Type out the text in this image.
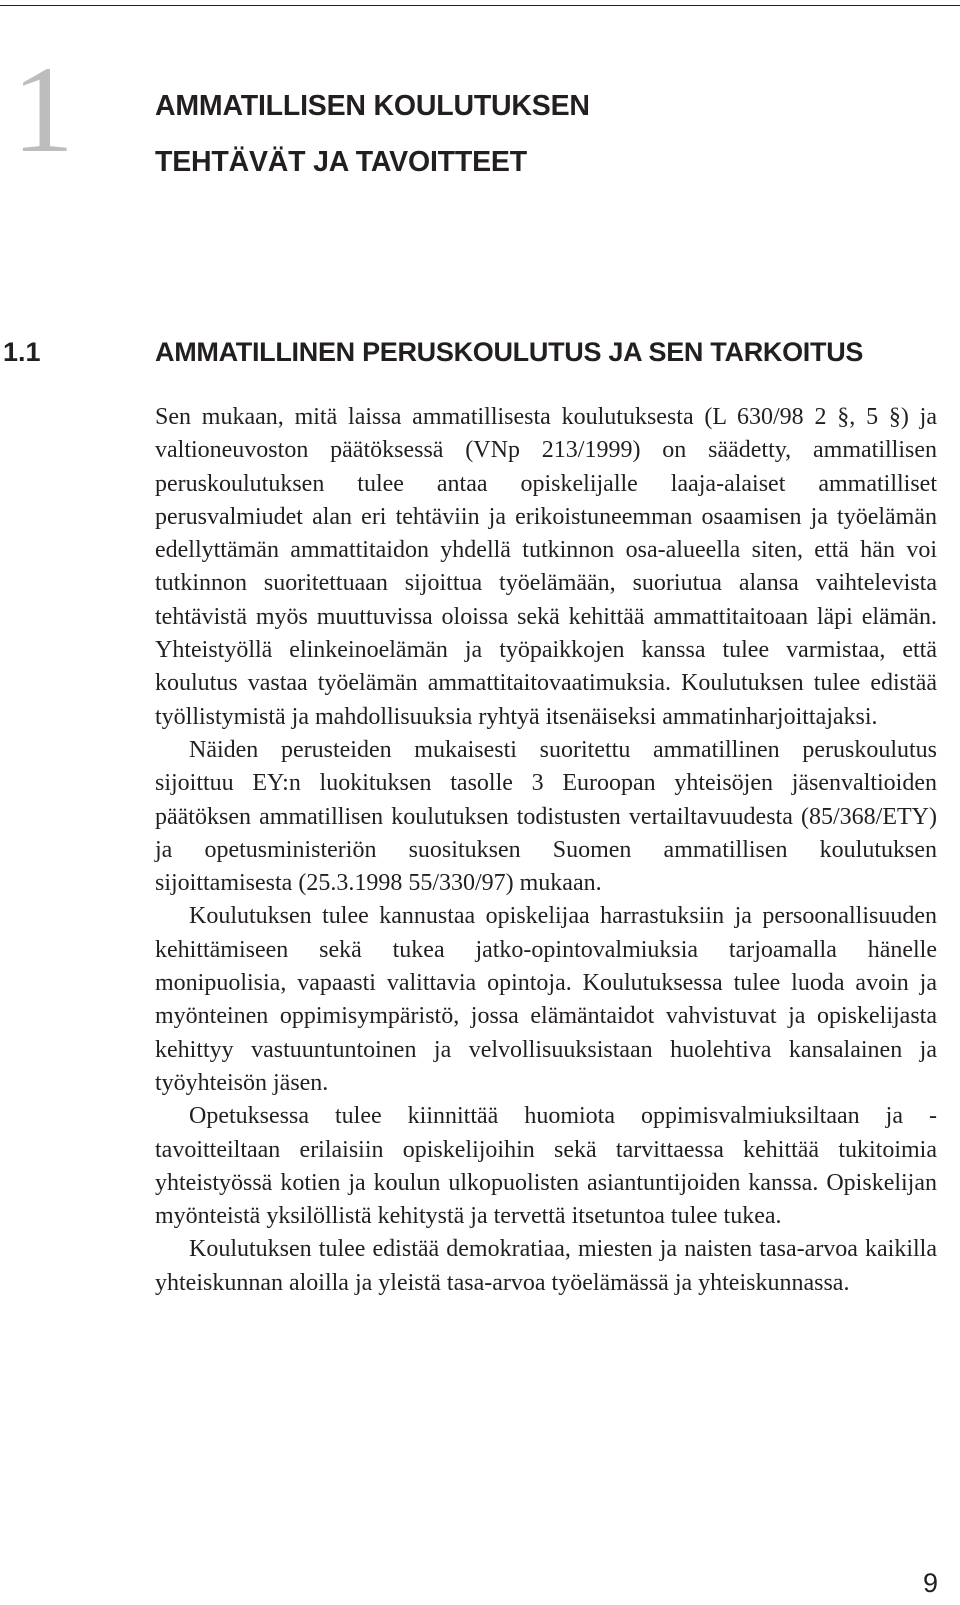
1	AMMATILLISEN KOULUTUKSEN
TEHTÄVÄT JA TAVOITTEET
1.1	AMMATILLINEN PERUSKOULUTUS JA SEN TARKOITUS

Sen mukaan, mitä laissa ammatillisesta koulutuksesta (L 630/98 2 §, 5 §) ja valtioneuvoston päätöksessä (VNp 213/1999) on säädetty, ammatillisen peruskoulutuksen tulee antaa opiskelijalle laaja-alaiset ammatilliset perusvalmiudet alan eri tehtäviin ja erikoistuneemman osaamisen ja työelämän edellyttämän ammattitaidon yhdellä tutkinnon osa-alueella siten, että hän voi tutkinnon suoritettuaan sijoittua työelämään, suoriutua alansa vaihtelevista tehtävistä myös muuttuvissa oloissa sekä kehittää ammattitaitoaan läpi elämän. Yhteistyöllä elinkeinoelämän ja työpaikkojen kanssa tulee varmistaa, että koulutus vastaa työelämän ammattitaitovaatimuksia. Koulutuksen tulee edistää työllistymistä ja mahdollisuuksia ryhtyä itsenäiseksi ammatinharjoittajaksi.

Näiden perusteiden mukaisesti suoritettu ammatillinen peruskoulutus sijoittuu EY:n luokituksen tasolle 3 Euroopan yhteisöjen jäsenvaltioiden päätöksen ammatillisen koulutuksen todistusten vertailtavuudesta (85/368/ETY) ja opetusministeriön suosituksen Suomen ammatillisen koulutuksen sijoittamisesta (25.3.1998 55/330/97) mukaan.

Koulutuksen tulee kannustaa opiskelijaa harrastuksiin ja persoonallisuuden kehittämiseen sekä tukea jatko-opintovalmiuksia tarjoamalla hänelle monipuolisia, vapaasti valittavia opintoja. Koulutuksessa tulee luoda avoin ja myönteinen oppimisympäristö, jossa elämäntaidot vahvistuvat ja opiskelijasta kehittyy vastuuntuntoinen ja velvollisuuksistaan huolehtiva kansalainen ja työyhteisön jäsen.

Opetuksessa tulee kiinnittää huomiota oppimisvalmiuksiltaan ja -tavoitteiltaan erilaisiin opiskelijoihin sekä tarvittaessa kehittää tukitoimia yhteistyössä kotien ja koulun ulkopuolisten asiantuntijoiden kanssa. Opiskelijan myönteistä yksilöllistä kehitystä ja tervettä itsetuntoa tulee tukea.

Koulutuksen tulee edistää demokratiaa, miesten ja naisten tasa-arvoa kaikilla yhteiskunnan aloilla ja yleistä tasa-arvoa työelämässä ja yhteiskunnassa.

9
